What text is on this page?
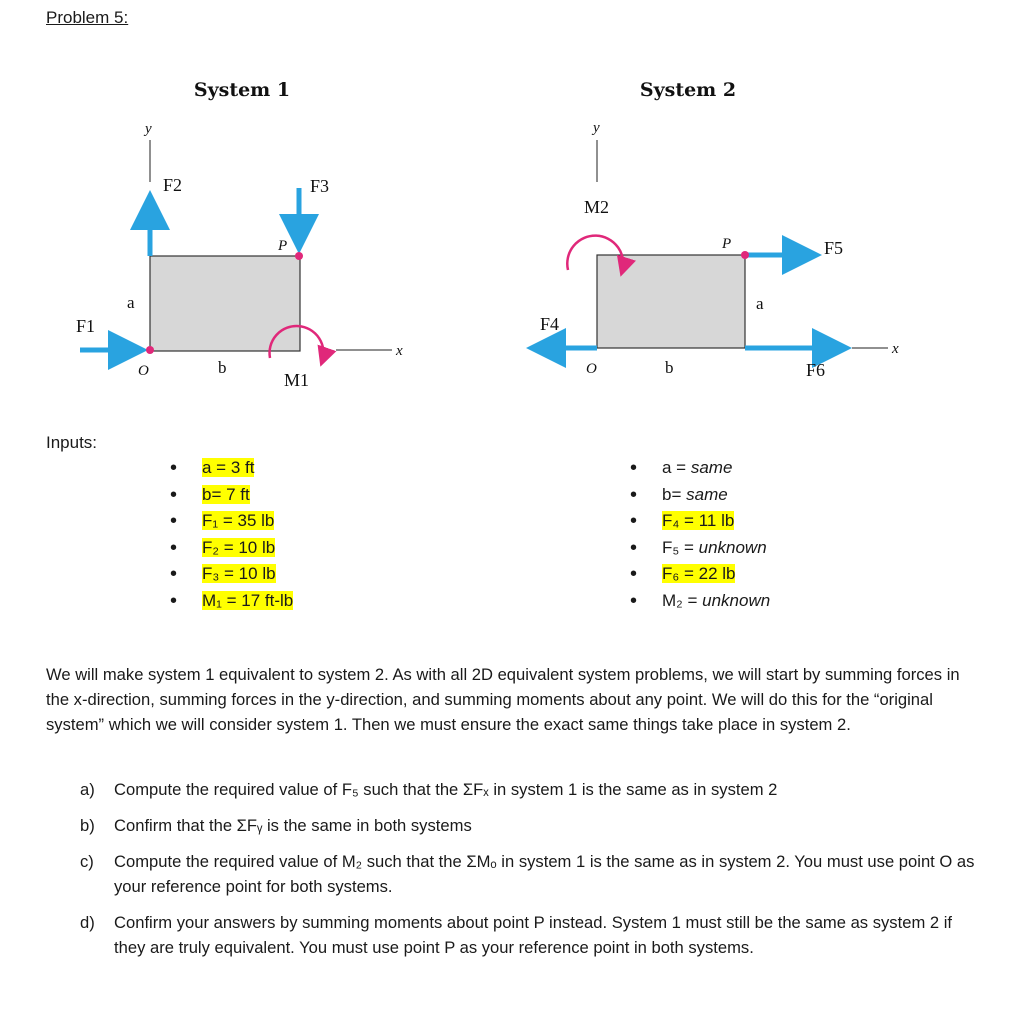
Problem 5:
System 1
y
x
F2	F3
F1
O
P
a
b
M1
System 2
y
M2
F4
F5
F6
x
P
O
a
b
Inputs:
• a = 3 ft
• b= 7 ft
• F₁ = 35 lb
• F₂ = 10 lb
• F₃ = 10 lb
• M₁ = 17 ft-lb
• a = same
• b= same
• F₄ = 11 lb
• F₅ = unknown
• F₆ = 22 lb
• M₂ = unknown
We will make system 1 equivalent to system 2. As with all 2D equivalent system problems, we will start by summing forces in the x-direction, summing forces in the y-direction, and summing moments about any point. We will do this for the “original system” which we will consider system 1. Then we must ensure the exact same things take place in system 2.
a) Compute the required value of F₅ such that the ΣFₓ in system 1 is the same as in system 2
b) Confirm that the ΣFᵧ is the same in both systems
c) Compute the required value of M₂ such that the ΣMₒ in system 1 is the same as in system 2. You must use point O as your reference point for both systems.
d) Confirm your answers by summing moments about point P instead. System 1 must still be the same as system 2 if they are truly equivalent. You must use point P as your reference point in both systems.
